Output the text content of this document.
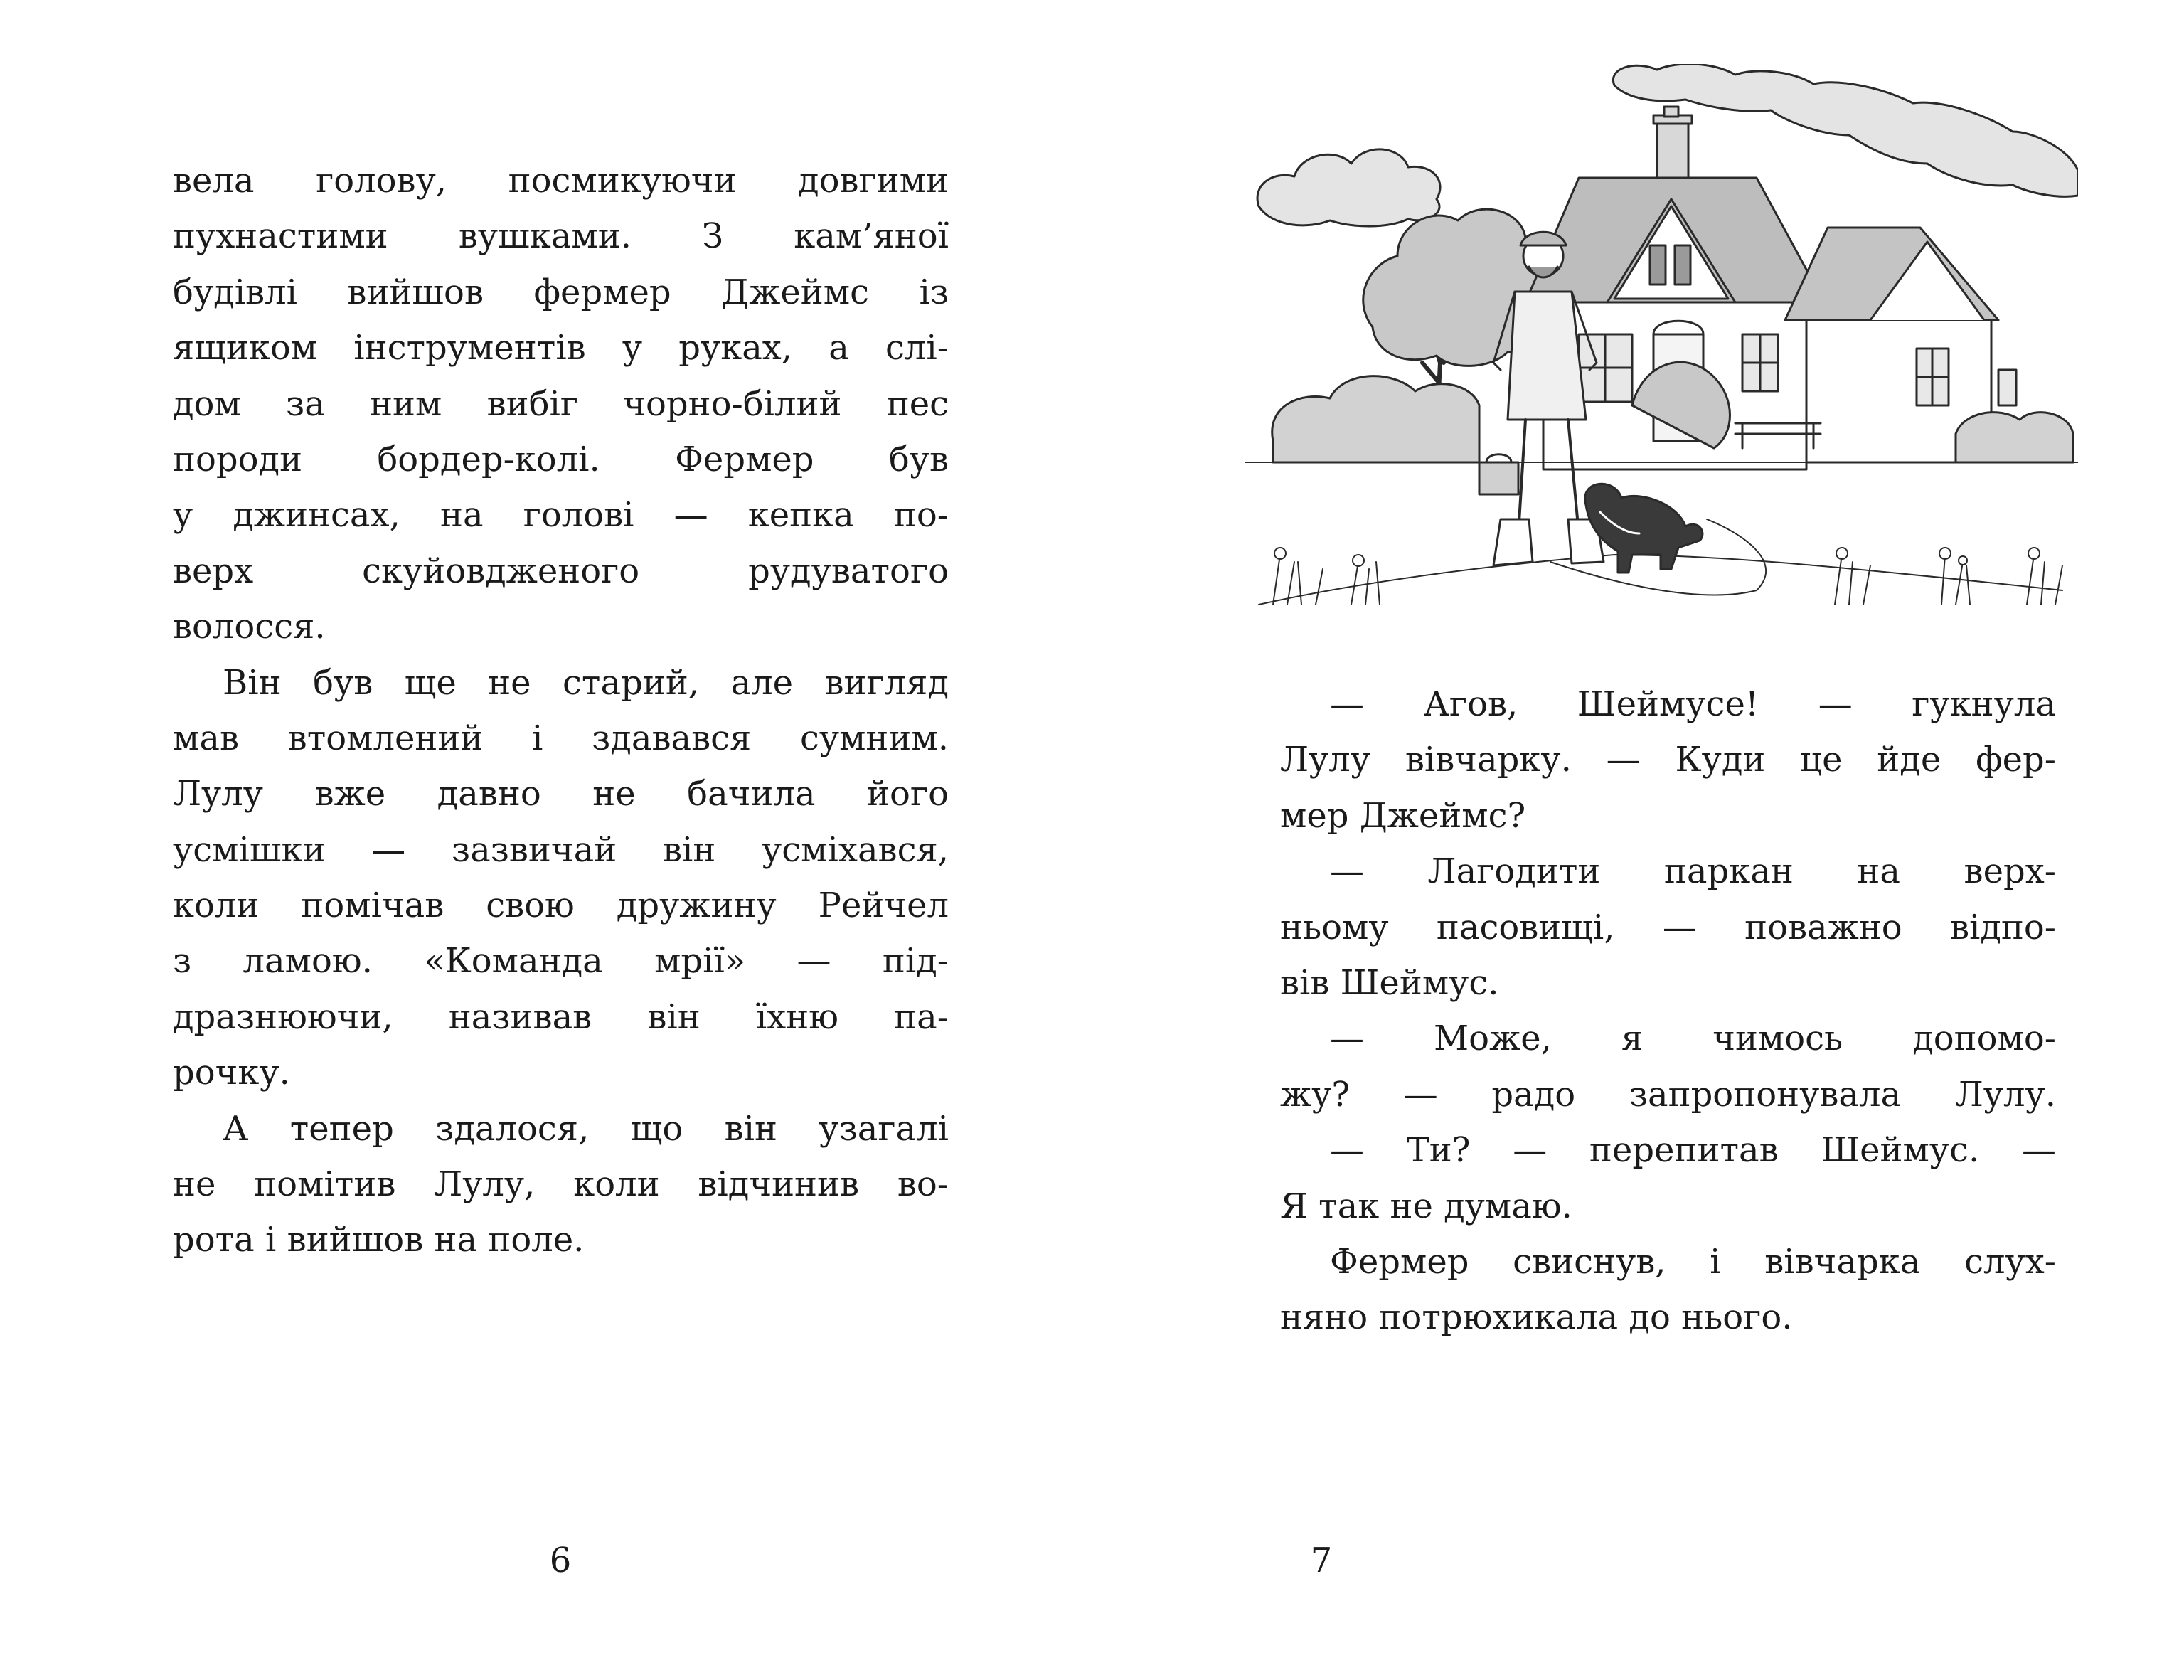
вела голову, посмикуючи довгими
пухнастими вушками. З кам’яної
будівлі вийшов фермер Джеймс із
ящиком інструментів у руках, а слі-
дом за ним вибіг чорно-білий пес
породи бордер-колі. Фермер був
у джинсах, на голові — кепка по-
верх скуйовдженого рудуватого
волосся.
Він був ще не старий, але вигляд
мав втомлений і здавався сумним.
Лулу вже давно не бачила його
усмішки — зазвичай він усміхався,
коли помічав свою дружину Рейчел
з ламою. «Команда мрії» — під-
дразнюючи, називав він їхню па-
рочку.
А тепер здалося, що він узагалі
не помітив Лулу, коли відчинив во-
рота і вийшов на поле.
6
— Агов, Шеймусе! — гукнула
Лулу вівчарку. — Куди це йде фер-
мер Джеймс?
— Лагодити паркан на верх-
ньому пасовищі, — поважно відпо-
вів Шеймус.
— Може, я чимось допомо-
жу? — радо запропонувала Лулу.
— Ти? — перепитав Шеймус. —
Я так не думаю.
Фермер свиснув, і вівчарка слух-
няно потрюхикала до нього.
7
